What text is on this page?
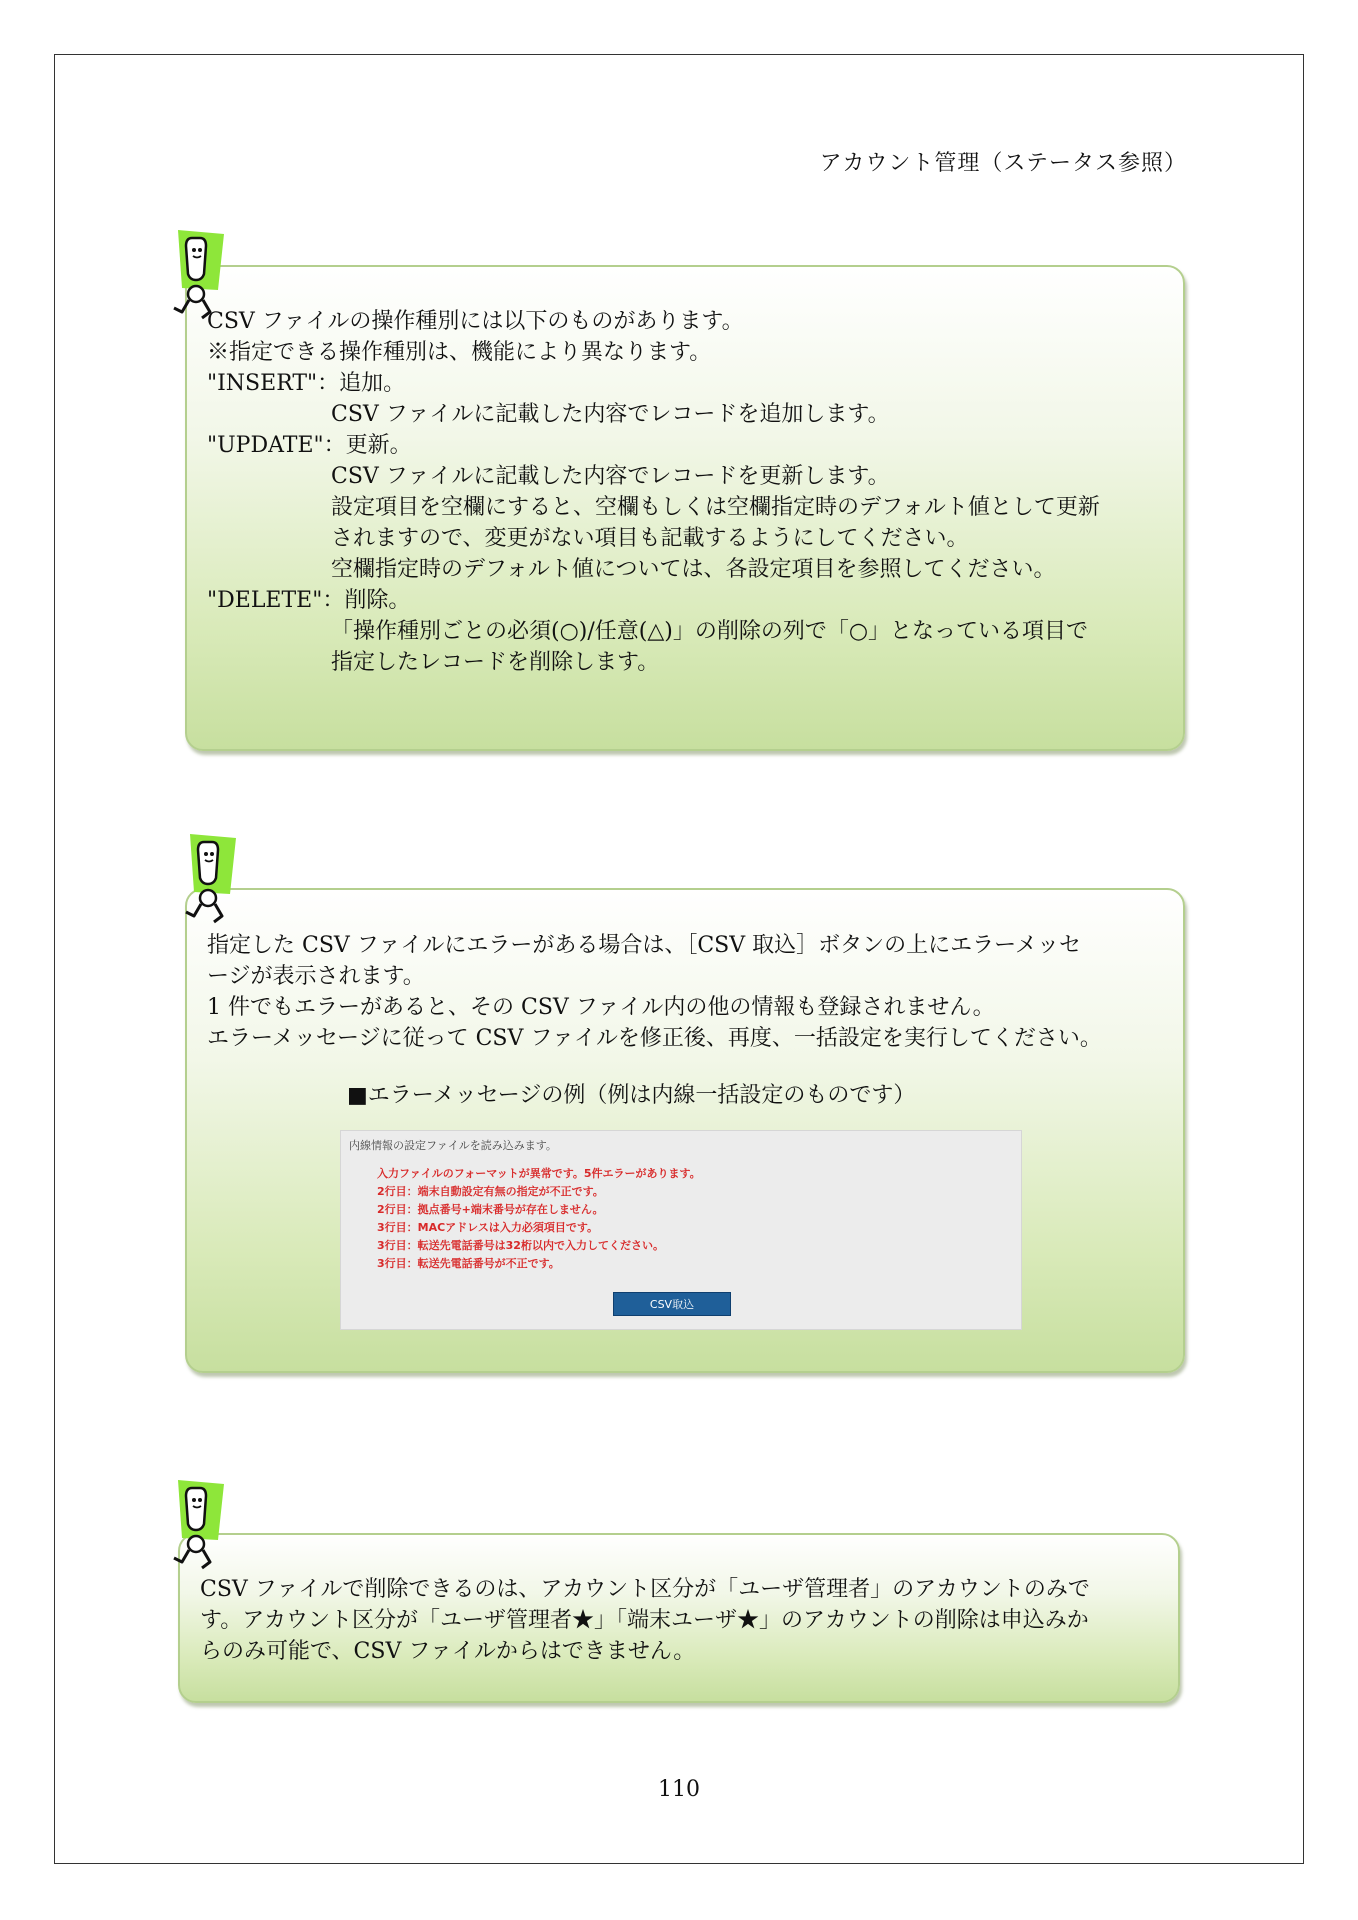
アカウント管理（ステータス参照）
CSV ファイルの操作種別には以下のものがあります。
※指定できる操作種別は、機能により異なります。
"INSERT"：追加。
CSV ファイルに記載した内容でレコードを追加します。
"UPDATE"：更新。
CSV ファイルに記載した内容でレコードを更新します。
設定項目を空欄にすると、空欄もしくは空欄指定時のデフォルト値として更新
されますので、変更がない項目も記載するようにしてください。
空欄指定時のデフォルト値については、各設定項目を参照してください。
"DELETE"：削除。
「操作種別ごとの必須(○)/任意(△)」の削除の列で「○」となっている項目で
指定したレコードを削除します。
指定した CSV ファイルにエラーがある場合は、［CSV 取込］ボタンの上にエラーメッセ
ージが表示されます。
1 件でもエラーがあると、その CSV ファイル内の他の情報も登録されません。
エラーメッセージに従って CSV ファイルを修正後、再度、一括設定を実行してください。
■エラーメッセージの例（例は内線一括設定のものです）
内線情報の設定ファイルを読み込みます。
入力ファイルのフォーマットが異常です。5件エラーがあります。
2行目：端末自動設定有無の指定が不正です。
2行目：拠点番号+端末番号が存在しません。
3行目：MACアドレスは入力必須項目です。
3行目：転送先電話番号は32桁以内で入力してください。
3行目：転送先電話番号が不正です。
CSV取込
CSV ファイルで削除できるのは、アカウント区分が「ユーザ管理者」のアカウントのみで
す。アカウント区分が「ユーザ管理者★」「端末ユーザ★」のアカウントの削除は申込みか
らのみ可能で、CSV ファイルからはできません。
110
